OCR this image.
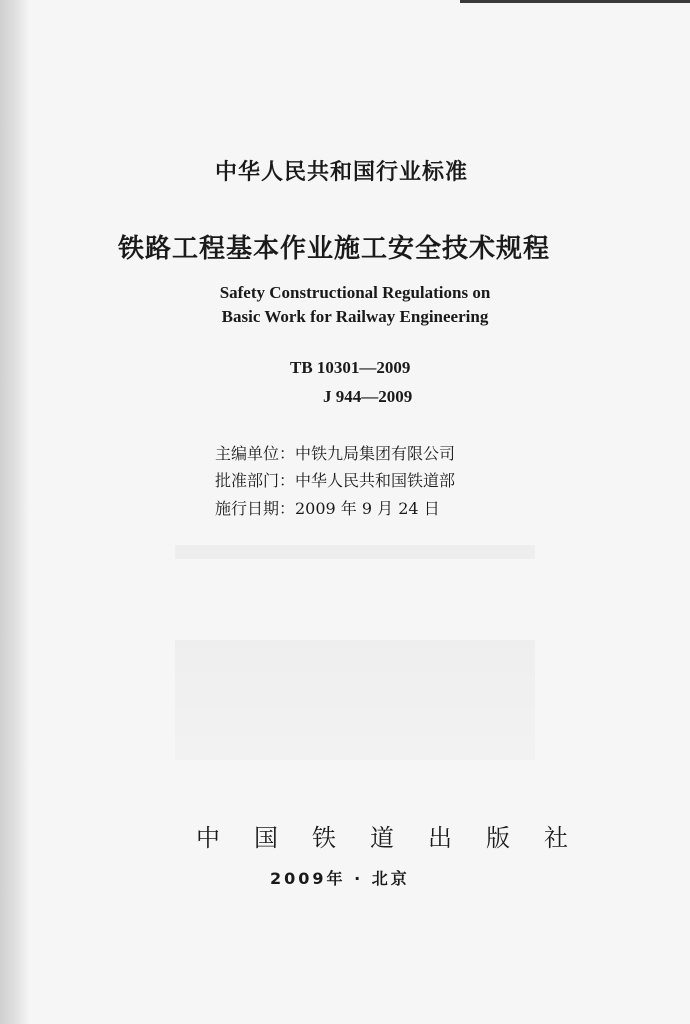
中华人民共和国行业标准
铁路工程基本作业施工安全技术规程

Safety Constructional Regulations on

Basic Work for Railway Engineering

TB 10301—2009

J 944—2009

主编单位：中铁九局集团有限公司

批准部门：中华人民共和国铁道部

施行日期：2009 年 9 月 24 日

中国铁道出版社

2009年 · 北京
